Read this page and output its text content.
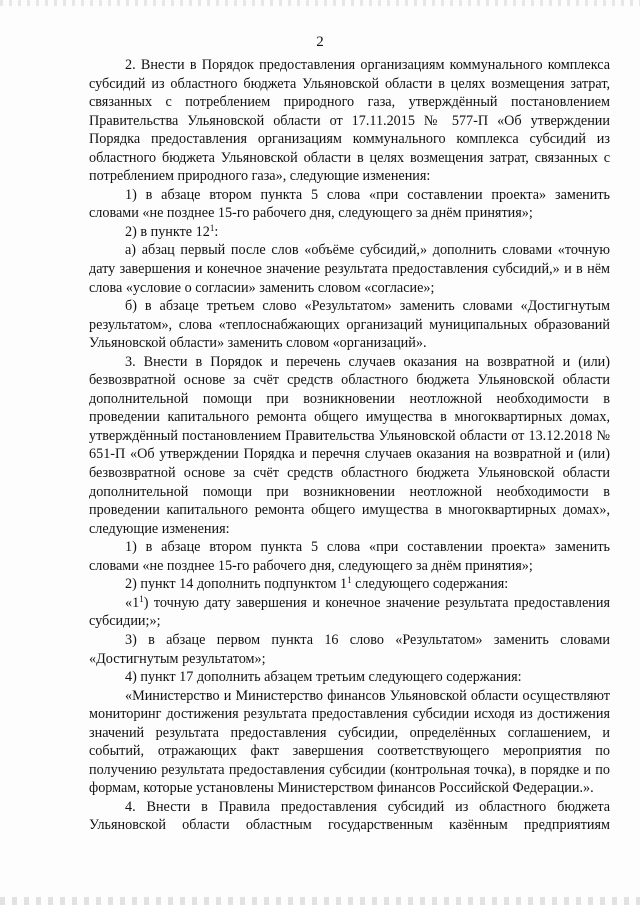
2

2. Внести в Порядок предоставления организациям коммунального комплекса субсидий из областного бюджета Ульяновской области в целях возмещения затрат, связанных с потреблением природного газа, утверждённый постановлением Правительства Ульяновской области от 17.11.2015 № 577-П «Об утверждении Порядка предоставления организациям коммунального комплекса субсидий из областного бюджета Ульяновской области в целях возмещения затрат, связанных с потреблением природного газа», следующие изменения:

1) в абзаце втором пункта 5 слова «при составлении проекта» заменить словами «не позднее 15-го рабочего дня, следующего за днём принятия»;

2) в пункте $12^1$:

а) абзац первый после слов «объёме субсидий,» дополнить словами «точную дату завершения и конечное значение результата предоставления субсидий,» и в нём слова «условие о согласии» заменить словом «согласие»;

б) в абзаце третьем слово «Результатом» заменить словами «Достигнутым результатом», слова «теплоснабжающих организаций муниципальных образований Ульяновской области» заменить словом «организаций».

3. Внести в Порядок и перечень случаев оказания на возвратной и (или) безвозвратной основе за счёт средств областного бюджета Ульяновской области дополнительной помощи при возникновении неотложной необходимости в проведении капитального ремонта общего имущества в многоквартирных домах, утверждённый постановлением Правительства Ульяновской области от 13.12.2018 № 651-П «Об утверждении Порядка и перечня случаев оказания на возвратной и (или) безвозвратной основе за счёт средств областного бюджета Ульяновской области дополнительной помощи при возникновении неотложной необходимости в проведении капитального ремонта общего имущества в многоквартирных домах», следующие изменения:

1) в абзаце втором пункта 5 слова «при составлении проекта» заменить словами «не позднее 15-го рабочего дня, следующего за днём принятия»;

2) пункт 14 дополнить подпунктом $1^1$ следующего содержания:

«$1^1$) точную дату завершения и конечное значение результата предоставления субсидии;»;

3) в абзаце первом пункта 16 слово «Результатом» заменить словами «Достигнутым результатом»;

4) пункт 17 дополнить абзацем третьим следующего содержания:

«Министерство и Министерство финансов Ульяновской области осуществляют мониторинг достижения результата предоставления субсидии исходя из достижения значений результата предоставления субсидии, определённых соглашением, и событий, отражающих факт завершения соответствующего мероприятия по получению результата предоставления субсидии (контрольная точка), в порядке и по формам, которые установлены Министерством финансов Российской Федерации.».

4. Внести в Правила предоставления субсидий из областного бюджета Ульяновской области областным государственным казённым предприятиям
